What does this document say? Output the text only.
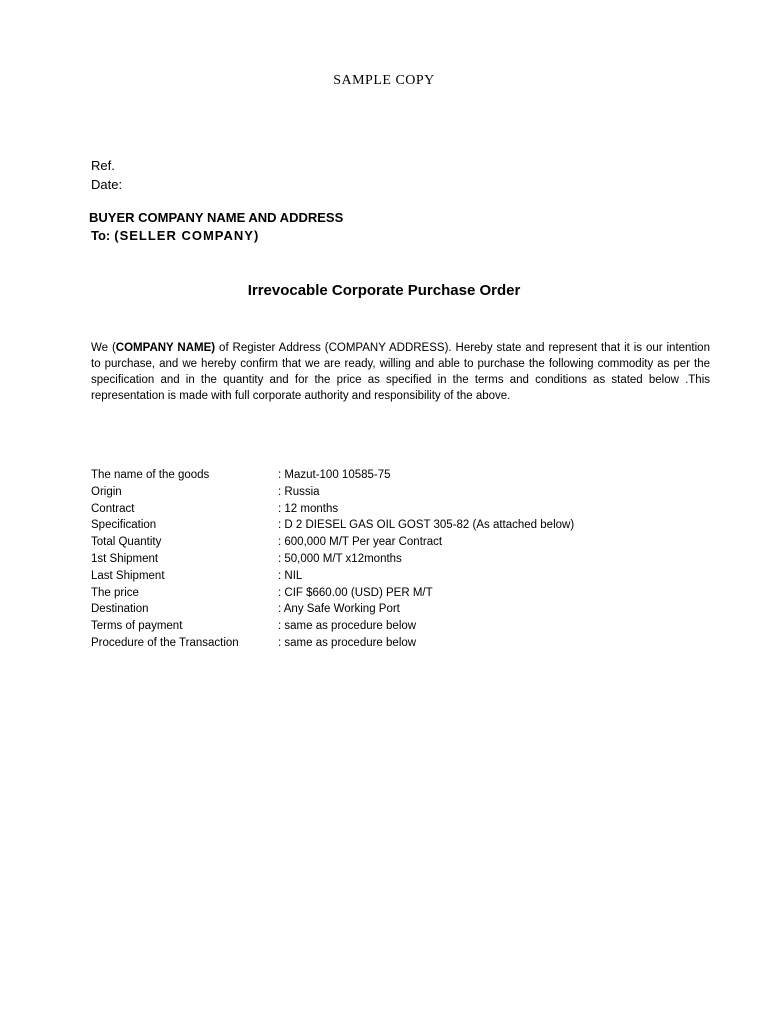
SAMPLE COPY
Ref.
Date:
BUYER COMPANY NAME AND ADDRESS
To: (SELLER COMPANY)
Irrevocable Corporate Purchase Order
We (COMPANY NAME) of Register Address (COMPANY ADDRESS). Hereby state and represent that it is our intention to purchase, and we hereby confirm that we are ready, willing and able to purchase the following commodity as per the specification and in the quantity and for the price as specified in the terms and conditions as stated below .This representation is made with full corporate authority and responsibility of the above.
The name of the goods	: Mazut-100 10585-75
Origin	: Russia
Contract	: 12 months
Specification	: D 2 DIESEL GAS OIL GOST 305-82 (As attached below)
Total Quantity	: 600,000 M/T Per year Contract
1st Shipment	: 50,000 M/T x12months
Last Shipment	: NIL
The price	: CIF $660.00 (USD) PER M/T
Destination	: Any Safe Working Port
Terms of payment	: same as procedure below
Procedure of the Transaction	: same as procedure below
